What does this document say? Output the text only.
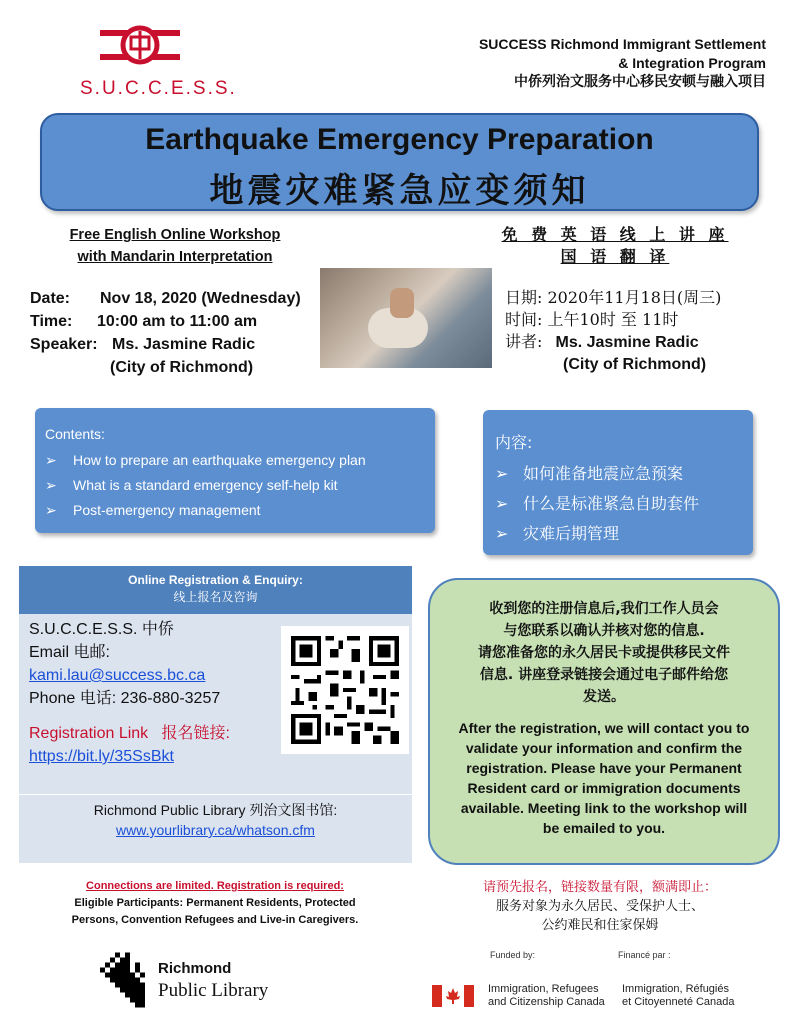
S.U.C.C.E.S.S.
SUCCESS Richmond Immigrant Settlement
& Integration Program
中侨列治文服务中心移民安顿与融入项目
Earthquake Emergency Preparation
地震灾难紧急应变须知
Free English Online Workshop
with Mandarin Interpretation
免 费 英 语 线 上 讲 座
国 语 翻 译
Date: Nov 18, 2020 (Wednesday)
Time: 10:00 am to 11:00 am
Speaker: Ms. Jasmine Radic
(City of Richmond)
日期: 2020年11月18日(周三)
时间: 上午10时 至 11时
讲者: Ms. Jasmine Radic
(City of Richmond)
Contents:
➢ How to prepare an earthquake emergency plan
➢ What is a standard emergency self-help kit
➢ Post-emergency management
内容:
➢ 如何准备地震应急预案
➢ 什么是标准紧急自助套件
➢ 灾难后期管理
Online Registration & Enquiry:
线上报名及咨询
S.U.C.C.E.S.S. 中侨
Email 电邮:
kami.lau@success.bc.ca
Phone 电话: 236-880-3257
Registration Link 报名链接:
https://bit.ly/35SsBkt
Richmond Public Library 列治文图书馆:
www.yourlibrary.ca/whatson.cfm
收到您的注册信息后,我们工作人员会
与您联系以确认并核对您的信息.
请您准备您的永久居民卡或提供移民文件
信息. 讲座登录链接会通过电子邮件给您
发送。
After the registration, we will contact you to
validate your information and confirm the
registration. Please have your Permanent
Resident card or immigration documents
available. Meeting link to the workshop will
be emailed to you.
Connections are limited. Registration is required:
Eligible Participants: Permanent Residents, Protected
Persons, Convention Refugees and Live-in Caregivers.
请预先报名，链接数量有限，额满即止：
服务对象为永久居民、受保护人士、
公约难民和住家保姆
Richmond
Public Library
Funded by:	Financé par :
Immigration, Refugees
and Citizenship Canada
Immigration, Réfugiés
et Citoyenneté Canada
